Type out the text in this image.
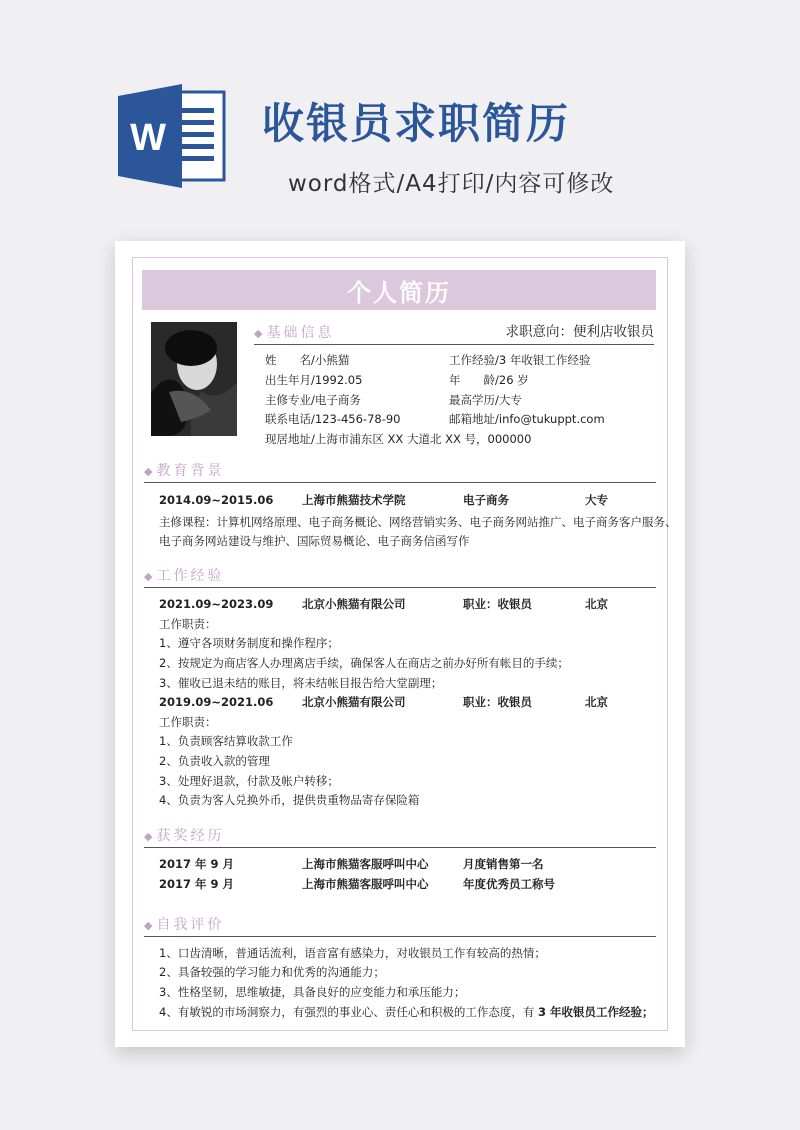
W 收银员求职简历

word格式/A4打印/内容可修改

个人简历
◆ 基础信息	求职意向：便利店收银员
姓　　名/小熊猫	工作经验/3 年收银工作经验
出生年月/1992.05	年　　龄/26 岁
主修专业/电子商务	最高学历/大专
联系电话/123-456-78-90	邮箱地址/info@tukuppt.com
现居地址/上海市浦东区 XX 大道北 XX 号，000000
◆ 教育背景
2014.09~2015.06 上海市熊猫技术学院	电子商务	大专
主修课程：计算机网络原理、电子商务概论、网络营销实务、电子商务网站推广、电子商务客户服务、
电子商务网站建设与维护、国际贸易概论、电子商务信函写作
◆ 工作经验
2021.09~2023.09 北京小熊猫有限公司	职业：收银员	北京
工作职责：
1、遵守各项财务制度和操作程序；
2、按规定为商店客人办理离店手续，确保客人在商店之前办好所有帐目的手续；
3、催收已退未结的账目，将未结帐目报告给大堂副理；
2019.09~2021.06 北京小熊猫有限公司	职业：收银员	北京
工作职责：
1、负责顾客结算收款工作
2、负责收入款的管理
3、处理好退款，付款及帐户转移；
4、负责为客人兑换外币，提供贵重物品寄存保险箱
◆ 获奖经历
2017 年 9 月	上海市熊猫客服呼叫中心	月度销售第一名
2017 年 9 月	上海市熊猫客服呼叫中心	年度优秀员工称号
◆ 自我评价
1、口齿清晰，普通话流利，语音富有感染力，对收银员工作有较高的热情；
2、具备较强的学习能力和优秀的沟通能力；
3、性格坚韧，思维敏捷，具备良好的应变能力和承压能力；
4、有敏锐的市场洞察力，有强烈的事业心、责任心和积极的工作态度，有 3 年收银员工作经验；
